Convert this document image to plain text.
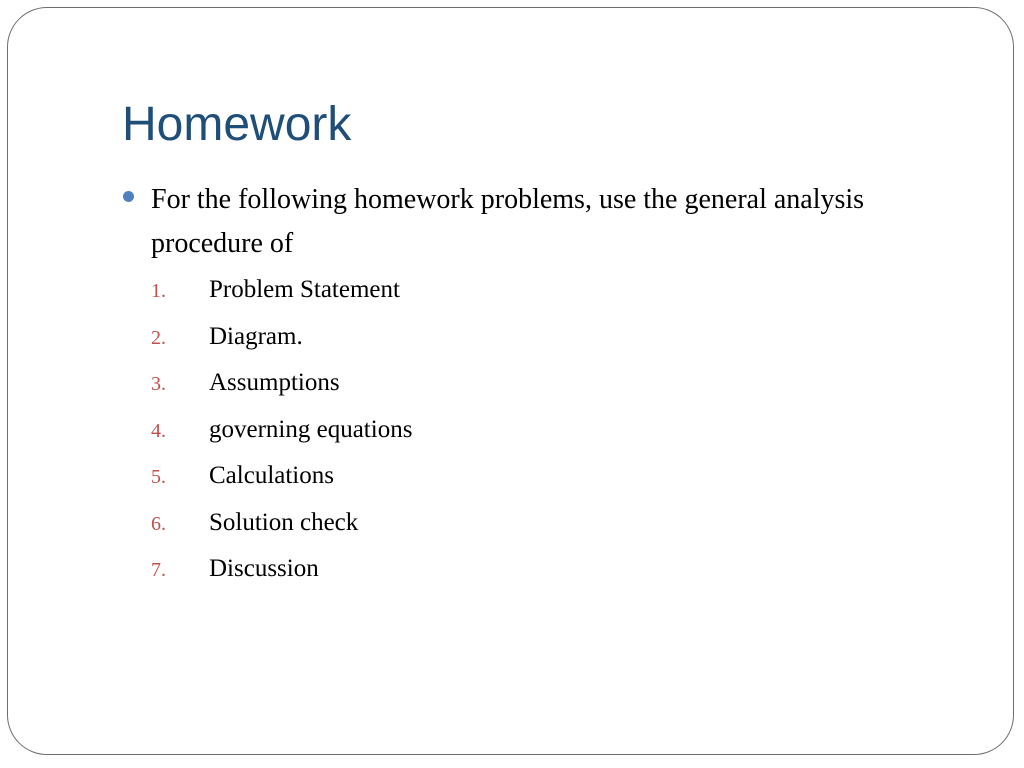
Homework

For the following homework problems, use the general analysis procedure of

1. Problem Statement
2. Diagram.
3. Assumptions
4. governing equations
5. Calculations
6. Solution check
7. Discussion
